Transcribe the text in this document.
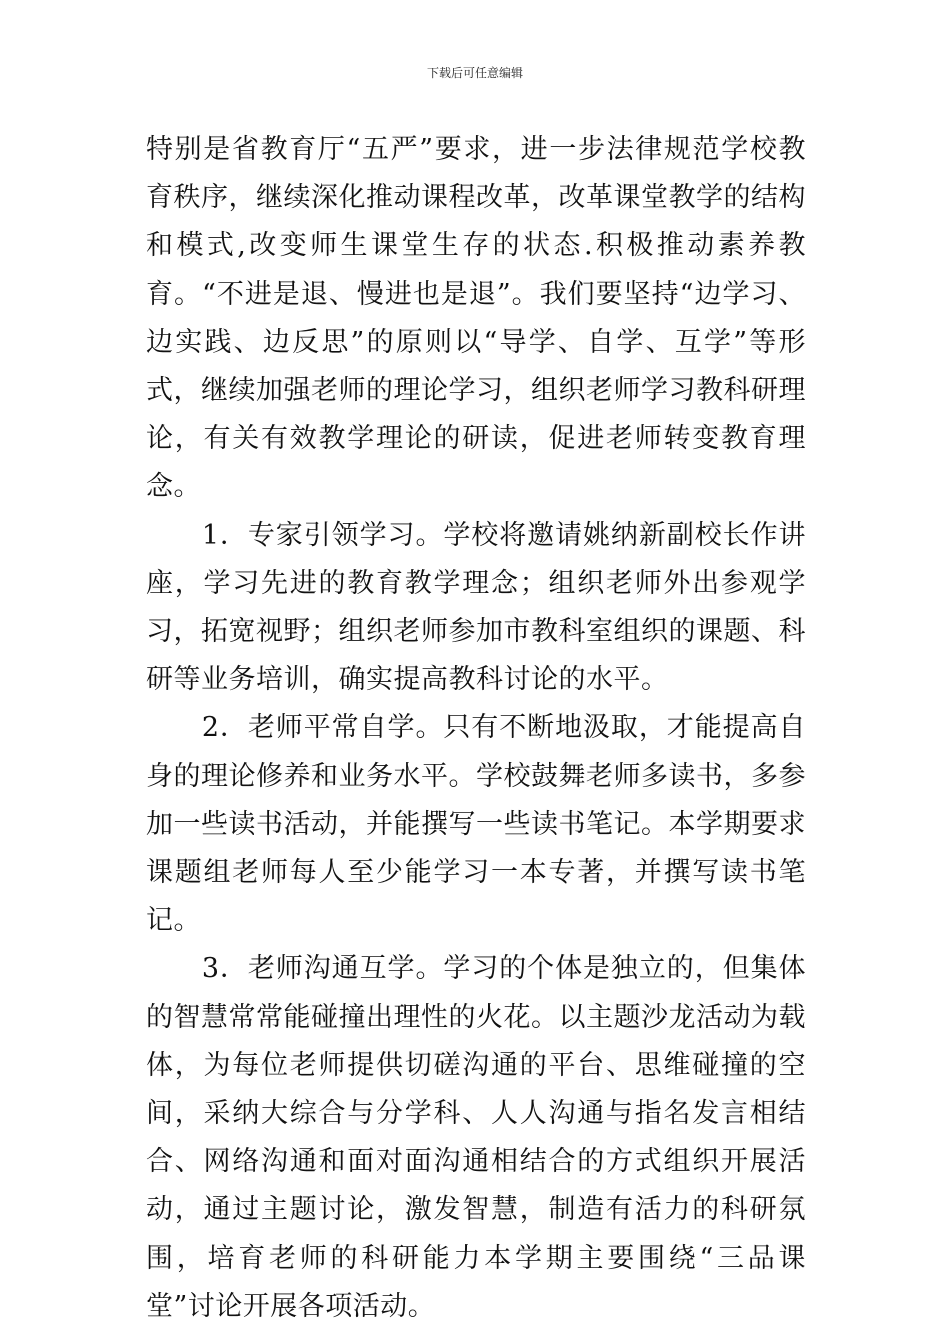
下载后可任意编辑

特别是省教育厅“五严”要求，进一步法律规范学校教育秩序，继续深化推动课程改革，改革课堂教学的结构和模式,改变师生课堂生存的状态.积极推动素养教育。“不进是退、慢进也是退”。我们要坚持“边学习、边实践、边反思”的原则以“导学、自学、互学”等形式，继续加强老师的理论学习，组织老师学习教科研理论，有关有效教学理论的研读，促进老师转变教育理念。

　　1．专家引领学习。学校将邀请姚纳新副校长作讲座，学习先进的教育教学理念；组织老师外出参观学习，拓宽视野；组织老师参加市教科室组织的课题、科研等业务培训，确实提高教科讨论的水平。

　　2．老师平常自学。只有不断地汲取，才能提高自身的理论修养和业务水平。学校鼓舞老师多读书，多参加一些读书活动，并能撰写一些读书笔记。本学期要求课题组老师每人至少能学习一本专著，并撰写读书笔记。

　　3．老师沟通互学。学习的个体是独立的，但集体的智慧常常能碰撞出理性的火花。以主题沙龙活动为载体，为每位老师提供切磋沟通的平台、思维碰撞的空间，采纳大综合与分学科、人人沟通与指名发言相结合、网络沟通和面对面沟通相结合的方式组织开展活动，通过主题讨论，激发智慧，制造有活力的科研氛围，培育老师的科研能力本学期主要围绕“三品课堂”讨论开展各项活动。
